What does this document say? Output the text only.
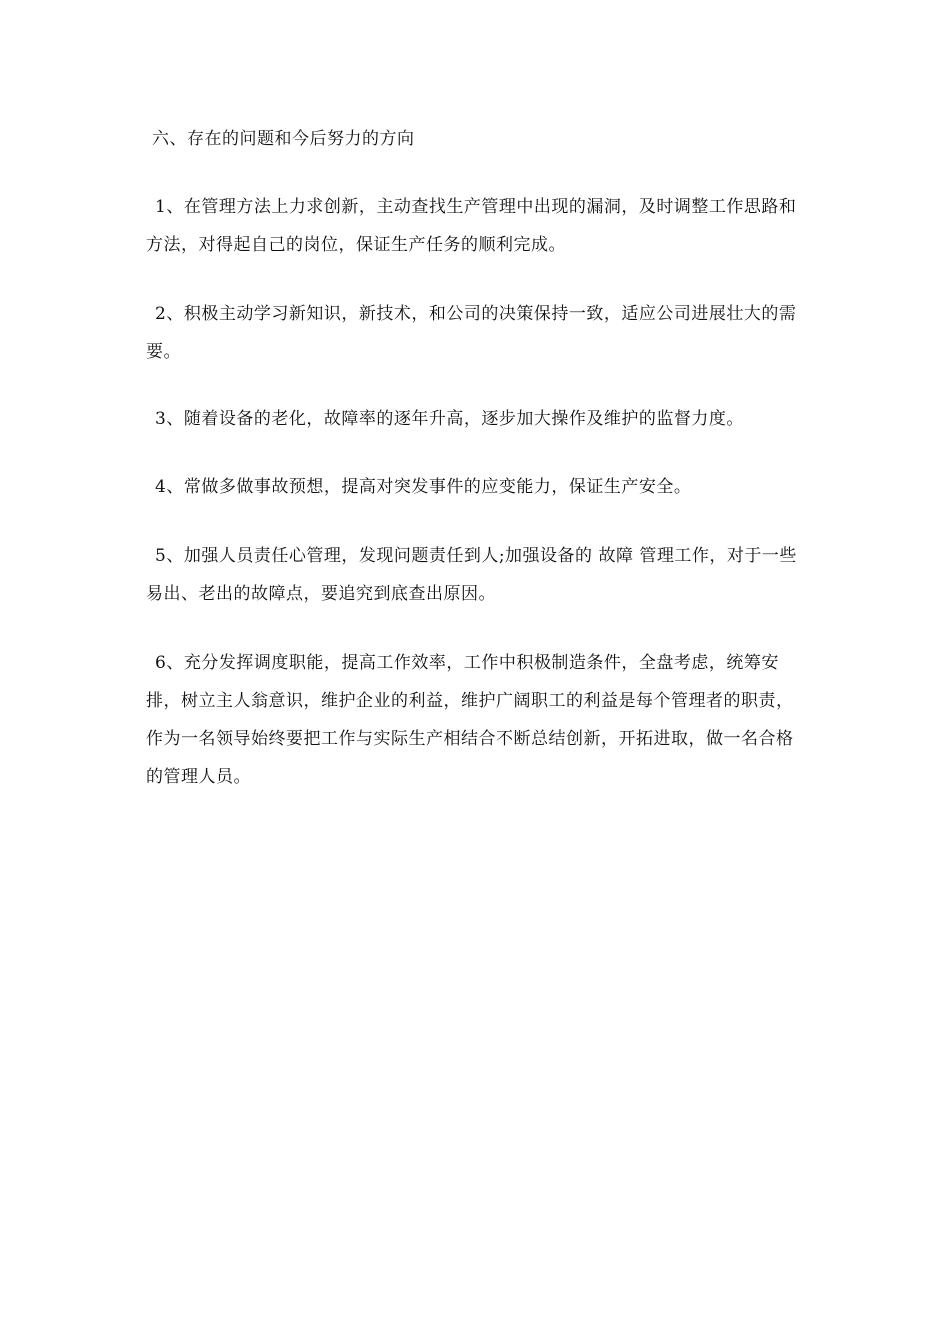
六、存在的问题和今后努力的方向
1、在管理方法上力求创新，主动查找生产管理中出现的漏洞，及时调整工作思路和方法，对得起自己的岗位，保证生产任务的顺利完成。
2、积极主动学习新知识，新技术，和公司的决策保持一致，适应公司进展壮大的需要。
3、随着设备的老化，故障率的逐年升高，逐步加大操作及维护的监督力度。
4、常做多做事故预想，提高对突发事件的应变能力，保证生产安全。
5、加强人员责任心管理，发现问题责任到人;加强设备的 故障 管理工作，对于一些易出、老出的故障点，要追究到底查出原因。
6、充分发挥调度职能，提高工作效率，工作中积极制造条件，全盘考虑，统筹安排，树立主人翁意识，维护企业的利益，维护广阔职工的利益是每个管理者的职责，作为一名领导始终要把工作与实际生产相结合不断总结创新，开拓进取，做一名合格的管理人员。
